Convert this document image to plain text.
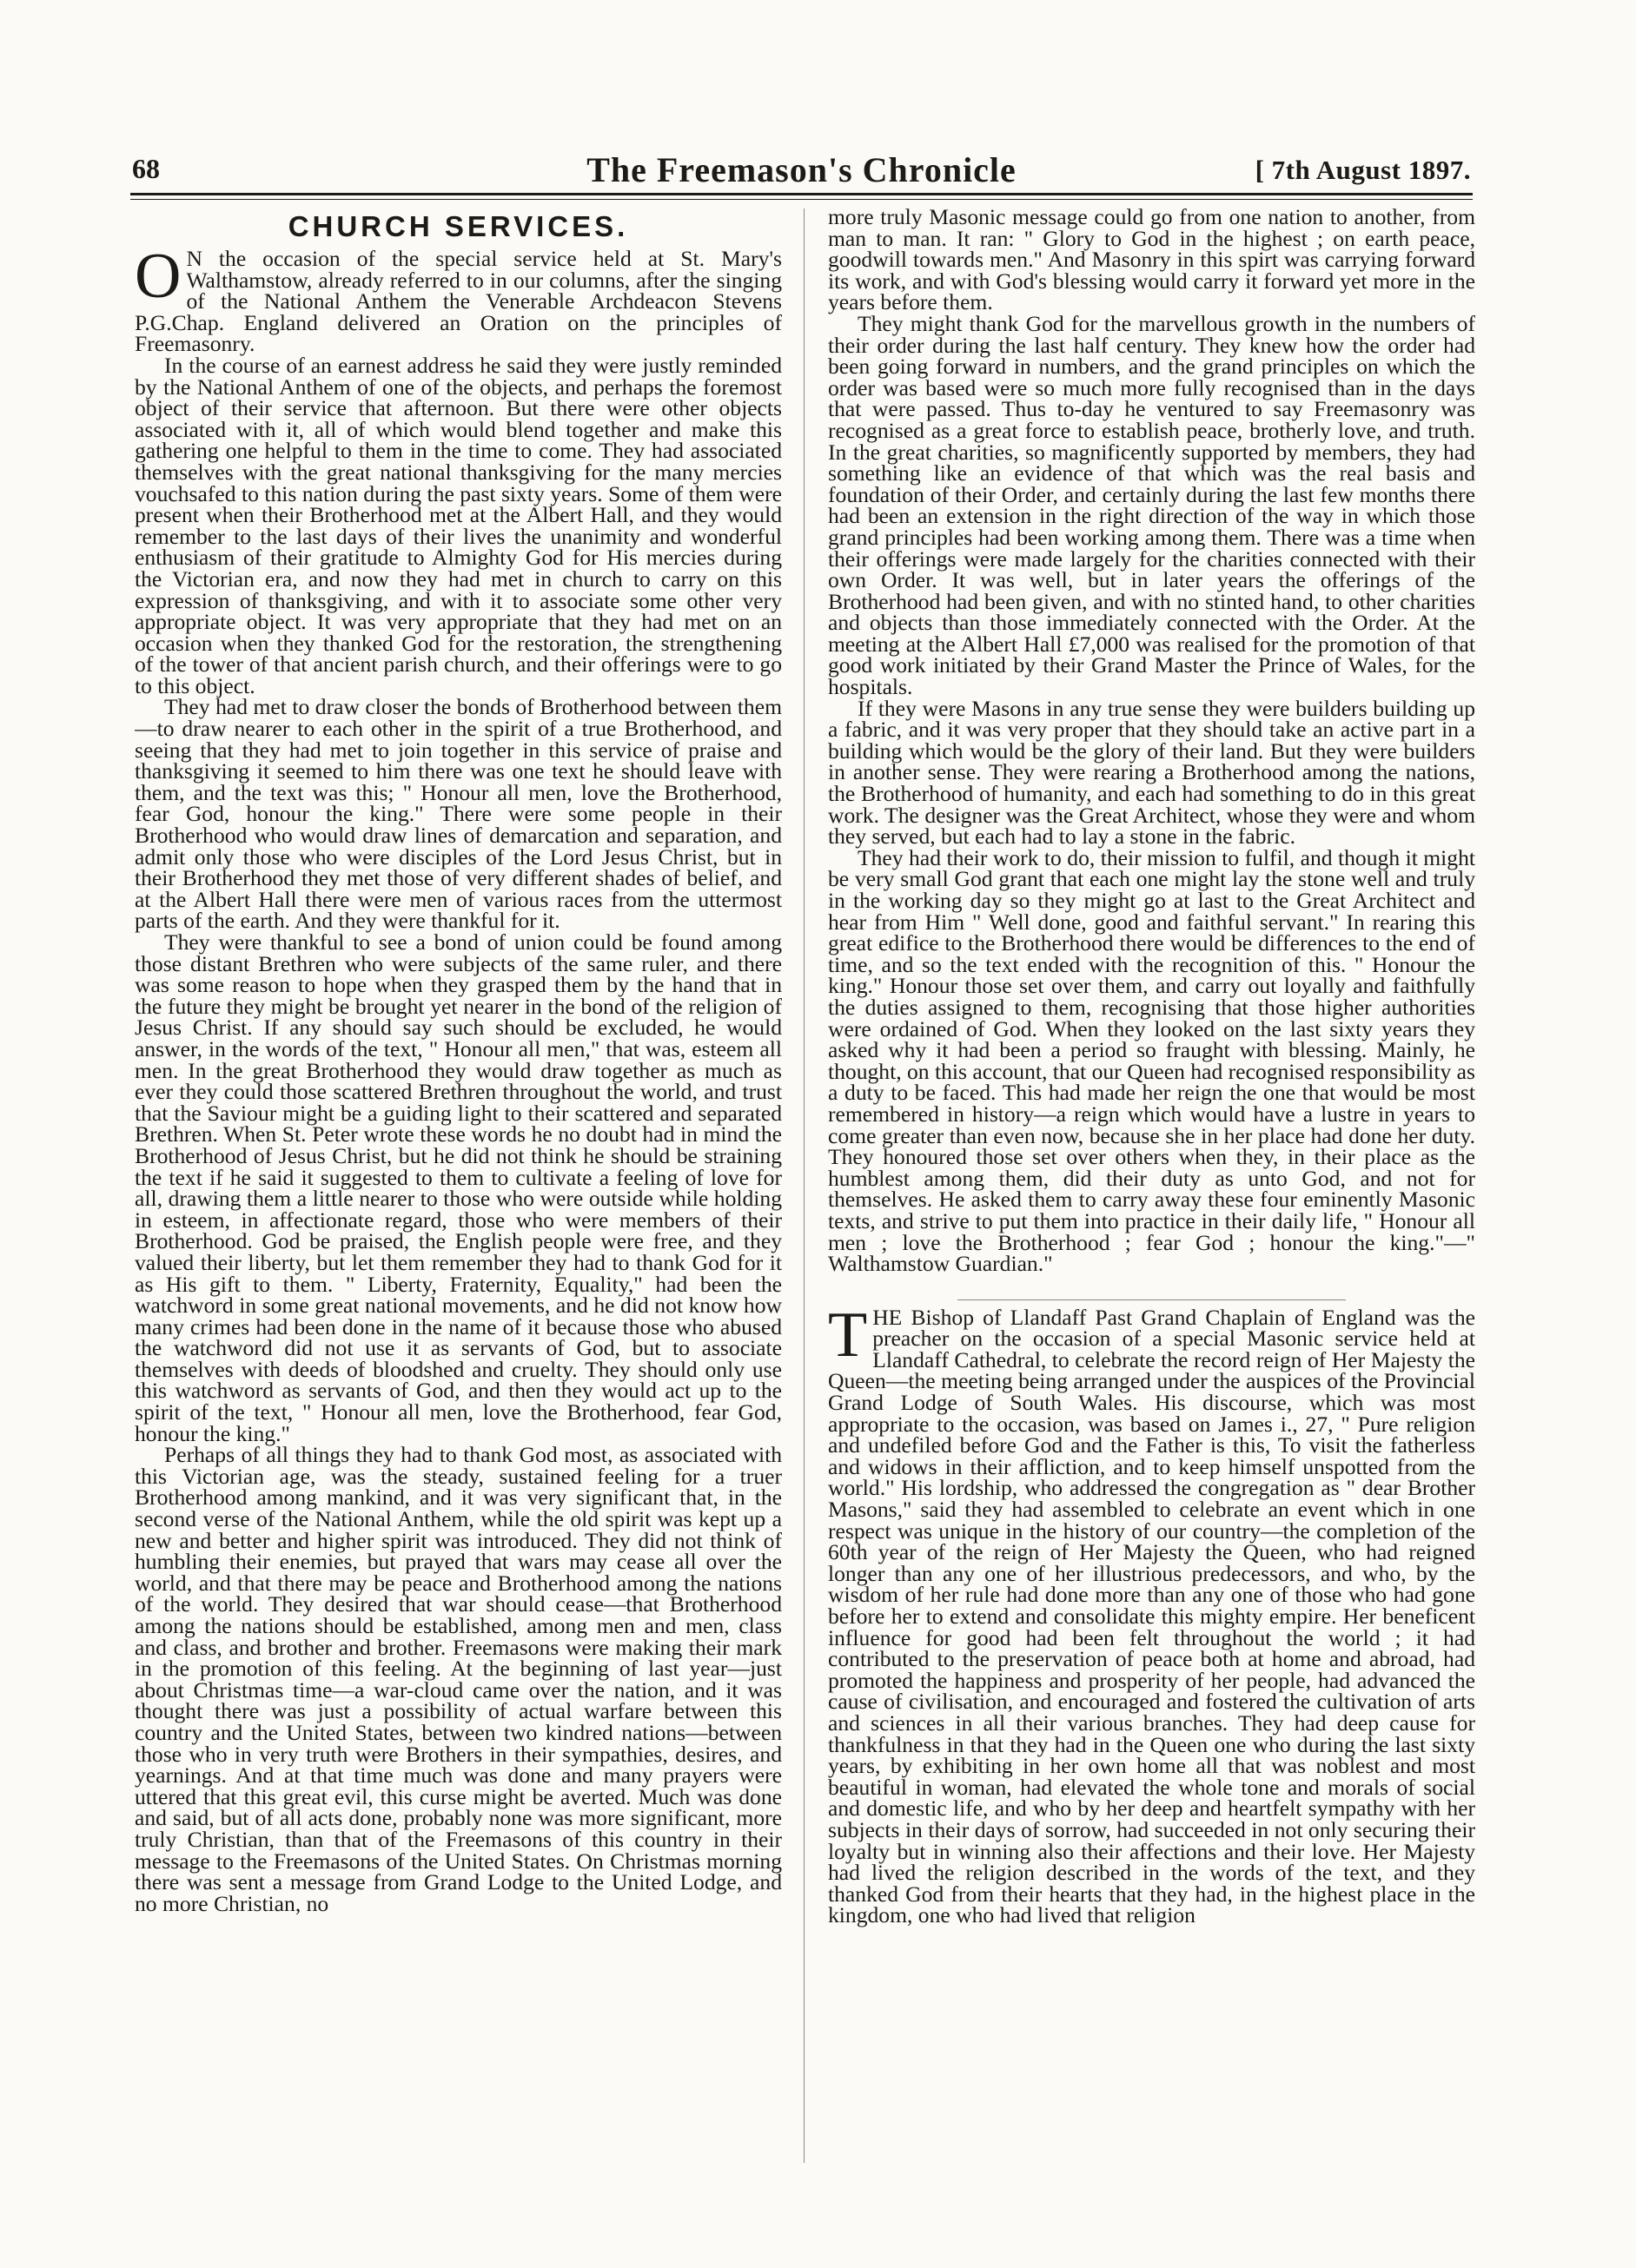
68	The Freemason's Chronicle	[ 7th August 1897.
CHURCH SERVICES.

O N the occasion of the special service held at St. Mary's Walthamstow, already referred to in our columns, after the singing of the National Anthem the Venerable Archdeacon Stevens P.G.Chap. England delivered an Oration on the principles of Freemasonry.

In the course of an earnest address he said they were justly reminded by the National Anthem of one of the objects, and perhaps the foremost object of their service that afternoon. But there were other objects associated with it, all of which would blend together and make this gathering one helpful to them in the time to come. They had associated themselves with the great national thanksgiving for the many mercies vouchsafed to this nation during the past sixty years. Some of them were present when their Brotherhood met at the Albert Hall, and they would remember to the last days of their lives the unanimity and wonderful enthusiasm of their gratitude to Almighty God for His mercies during the Victorian era, and now they had met in church to carry on this expression of thanksgiving, and with it to associate some other very appropriate object. It was very appropriate that they had met on an occasion when they thanked God for the restoration, the strengthening of the tower of that ancient parish church, and their offerings were to go to this object.

They had met to draw closer the bonds of Brotherhood between them—to draw nearer to each other in the spirit of a true Brotherhood, and seeing that they had met to join together in this service of praise and thanksgiving it seemed to him there was one text he should leave with them, and the text was this; " Honour all men, love the Brotherhood, fear God, honour the king." There were some people in their Brotherhood who would draw lines of demarcation and separation, and admit only those who were disciples of the Lord Jesus Christ, but in their Brotherhood they met those of very different shades of belief, and at the Albert Hall there were men of various races from the uttermost parts of the earth. And they were thankful for it.

They were thankful to see a bond of union could be found among those distant Brethren who were subjects of the same ruler, and there was some reason to hope when they grasped them by the hand that in the future they might be brought yet nearer in the bond of the religion of Jesus Christ. If any should say such should be excluded, he would answer, in the words of the text, " Honour all men," that was, esteem all men. In the great Brotherhood they would draw together as much as ever they could those scattered Brethren throughout the world, and trust that the Saviour might be a guiding light to their scattered and separated Brethren. When St. Peter wrote these words he no doubt had in mind the Brotherhood of Jesus Christ, but he did not think he should be straining the text if he said it suggested to them to cultivate a feeling of love for all, drawing them a little nearer to those who were outside while holding in esteem, in affectionate regard, those who were members of their Brotherhood. God be praised, the English people were free, and they valued their liberty, but let them remember they had to thank God for it as His gift to them. " Liberty, Fraternity, Equality," had been the watchword in some great national movements, and he did not know how many crimes had been done in the name of it because those who abused the watchword did not use it as servants of God, but to associate themselves with deeds of bloodshed and cruelty. They should only use this watchword as servants of God, and then they would act up to the spirit of the text, " Honour all men, love the Brotherhood, fear God, honour the king."

Perhaps of all things they had to thank God most, as associated with this Victorian age, was the steady, sustained feeling for a truer Brotherhood among mankind, and it was very significant that, in the second verse of the National Anthem, while the old spirit was kept up a new and better and higher spirit was introduced. They did not think of humbling their enemies, but prayed that wars may cease all over the world, and that there may be peace and Brotherhood among the nations of the world. They desired that war should cease—that Brotherhood among the nations should be established, among men and men, class and class, and brother and brother. Freemasons were making their mark in the promotion of this feeling. At the beginning of last year—just about Christmas time—a war-cloud came over the nation, and it was thought there was just a possibility of actual warfare between this country and the United States, between two kindred nations—between those who in very truth were Brothers in their sympathies, desires, and yearnings. And at that time much was done and many prayers were uttered that this great evil, this curse might be averted. Much was done and said, but of all acts done, probably none was more significant, more truly Christian, than that of the Freemasons of this country in their message to the Freemasons of the United States. On Christmas morning there was sent a message from Grand Lodge to the United Lodge, and no more Christian, no

more truly Masonic message could go from one nation to another, from man to man. It ran: " Glory to God in the highest ; on earth peace, goodwill towards men." And Masonry in this spirt was carrying forward its work, and with God's blessing would carry it forward yet more in the years before them.

They might thank God for the marvellous growth in the numbers of their order during the last half century. They knew how the order had been going forward in numbers, and the grand principles on which the order was based were so much more fully recognised than in the days that were passed. Thus to-day he ventured to say Freemasonry was recognised as a great force to establish peace, brotherly love, and truth. In the great charities, so magnificently supported by members, they had something like an evidence of that which was the real basis and foundation of their Order, and certainly during the last few months there had been an extension in the right direction of the way in which those grand principles had been working among them. There was a time when their offerings were made largely for the charities connected with their own Order. It was well, but in later years the offerings of the Brotherhood had been given, and with no stinted hand, to other charities and objects than those immediately connected with the Order. At the meeting at the Albert Hall £7,000 was realised for the promotion of that good work initiated by their Grand Master the Prince of Wales, for the hospitals.

If they were Masons in any true sense they were builders building up a fabric, and it was very proper that they should take an active part in a building which would be the glory of their land. But they were builders in another sense. They were rearing a Brotherhood among the nations, the Brotherhood of humanity, and each had something to do in this great work. The designer was the Great Architect, whose they were and whom they served, but each had to lay a stone in the fabric.

They had their work to do, their mission to fulfil, and though it might be very small God grant that each one might lay the stone well and truly in the working day so they might go at last to the Great Architect and hear from Him " Well done, good and faithful servant." In rearing this great edifice to the Brotherhood there would be differences to the end of time, and so the text ended with the recognition of this. " Honour the king." Honour those set over them, and carry out loyally and faithfully the duties assigned to them, recognising that those higher authorities were ordained of God. When they looked on the last sixty years they asked why it had been a period so fraught with blessing. Mainly, he thought, on this account, that our Queen had recognised responsibility as a duty to be faced. This had made her reign the one that would be most remembered in history—a reign which would have a lustre in years to come greater than even now, because she in her place had done her duty. They honoured those set over others when they, in their place as the humblest among them, did their duty as unto God, and not for themselves. He asked them to carry away these four eminently Masonic texts, and strive to put them into practice in their daily life, " Honour all men ; love the Brotherhood ; fear God ; honour the king."—" Walthamstow Guardian."

THE Bishop of Llandaff Past Grand Chaplain of England was the preacher on the occasion of a special Masonic service held at Llandaff Cathedral, to celebrate the record reign of Her Majesty the Queen—the meeting being arranged under the auspices of the Provincial Grand Lodge of South Wales. His discourse, which was most appropriate to the occasion, was based on James i., 27, " Pure religion and undefiled before God and the Father is this, To visit the fatherless and widows in their affliction, and to keep himself unspotted from the world." His lordship, who addressed the congregation as " dear Brother Masons," said they had assembled to celebrate an event which in one respect was unique in the history of our country—the completion of the 60th year of the reign of Her Majesty the Queen, who had reigned longer than any one of her illustrious predecessors, and who, by the wisdom of her rule had done more than any one of those who had gone before her to extend and consolidate this mighty empire. Her beneficent influence for good had been felt throughout the world ; it had contributed to the preservation of peace both at home and abroad, had promoted the happiness and prosperity of her people, had advanced the cause of civilisation, and encouraged and fostered the cultivation of arts and sciences in all their various branches. They had deep cause for thankfulness in that they had in the Queen one who during the last sixty years, by exhibiting in her own home all that was noblest and most beautiful in woman, had elevated the whole tone and morals of social and domestic life, and who by her deep and heartfelt sympathy with her subjects in their days of sorrow, had succeeded in not only securing their loyalty but in winning also their affections and their love. Her Majesty had lived the religion described in the words of the text, and they thanked God from their hearts that they had, in the highest place in the kingdom, one who had lived that religion
